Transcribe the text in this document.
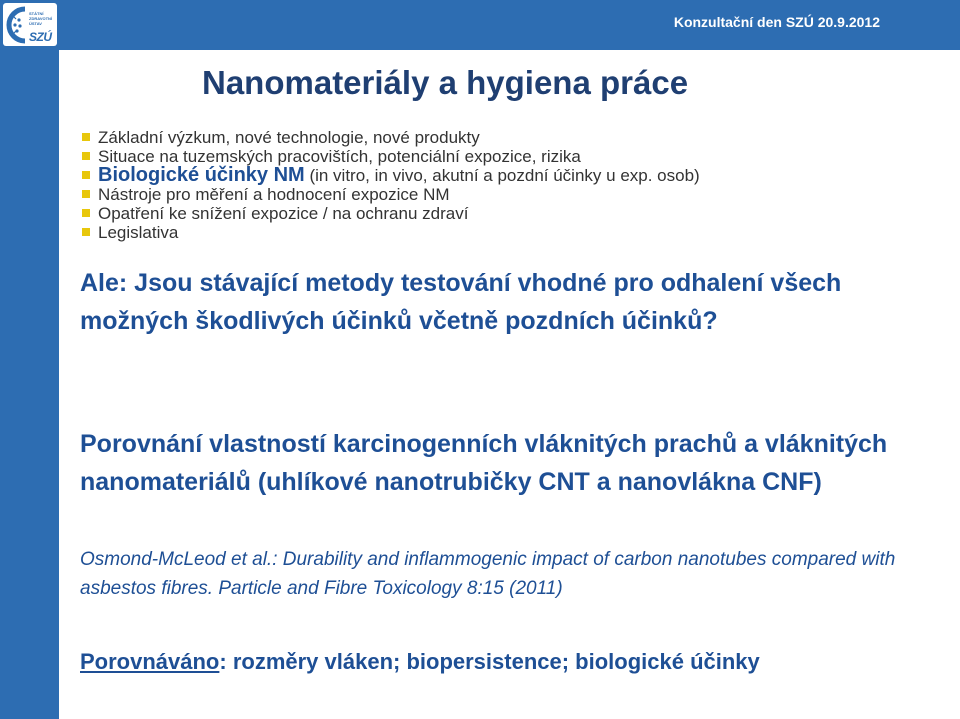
STÁTNÍ ZDRAVOTNÍ ÚSTAV
SZÚ
Konzultační den SZÚ 20.9.2012
Nanomateriály a hygiena práce
Základní výzkum, nové technologie, nové produkty
Situace na tuzemských pracovištích, potenciální expozice, rizika
Biologické účinky NM (in vitro, in vivo, akutní a pozdní účinky u exp. osob)
Nástroje pro měření a hodnocení expozice NM
Opatření ke snížení expozice / na ochranu zdraví
Legislativa
Ale: Jsou stávající metody testování vhodné pro odhalení všech možných škodlivých účinků včetně pozdních účinků?
Porovnání vlastností karcinogenních vláknitých prachů a vláknitých nanomateriálů (uhlíkové nanotrubičky CNT a nanovlákna CNF)
Osmond-McLeod et al.: Durability and inflammogenic impact of carbon nanotubes compared with asbestos fibres. Particle and Fibre Toxicology 8:15 (2011)
Porovnáváno: rozměry vláken; biopersistence; biologické účinky
